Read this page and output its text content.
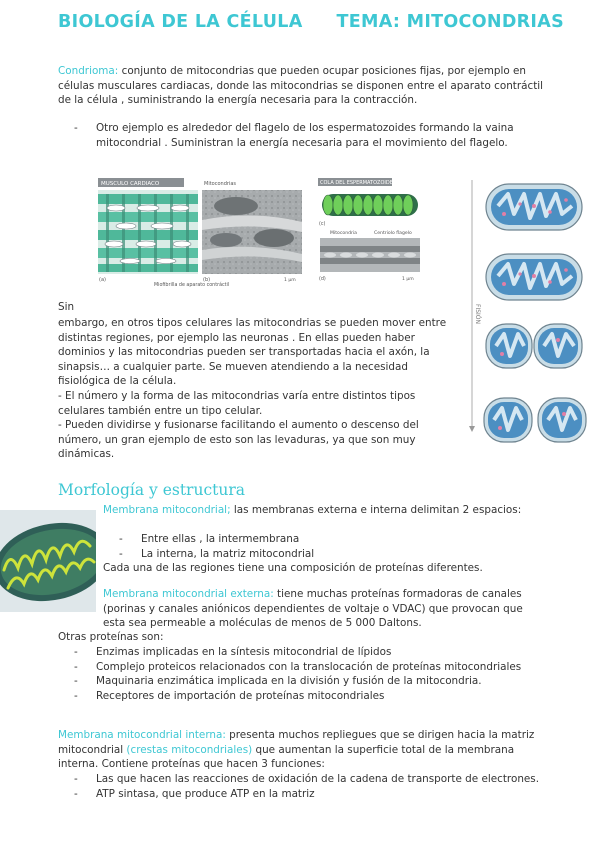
BIOLOGÍA DE LA CÉLULA TEMA: MITOCONDRIAS
Condrioma: conjunto de mitocondrias que pueden ocupar posiciones fijas, por ejemplo en células musculares cardiacas, donde las mitocondrias se disponen entre el aparato contráctil de la célula , suministrando la energía necesaria para la contracción.
- Otro ejemplo es alrededor del flagelo de los espermatozoides formando la vaina mitocondrial . Suministran la energía necesaria para el movimiento del flagelo.
MUSCULO CARDIACO
(a)
Miofibrilla de aparato contráctil
Mitocondrias
(b)	1 μm
COLA DEL ESPERMATOZOIDE
(c)
Mitocondria	Centriolo flagelo
(d)	1 μm
FISIÓN
Sin
embargo, en otros tipos celulares las mitocondrias se pueden mover entre distintas regiones, por ejemplo las neuronas . En ellas pueden haber dominios y las mitocondrias pueden ser transportadas hacia el axón, la sinapsis… a cualquier parte. Se mueven atendiendo a la necesidad fisiológica de la célula.
- El número y la forma de las mitocondrias varía entre distintos tipos celulares también entre un tipo celular.
- Pueden dividirse y fusionarse facilitando el aumento o descenso del número, un gran ejemplo de esto son las levaduras, ya que son muy dinámicas.
Morfología y estructura
Membrana mitocondrial; las membranas externa e interna delimitan 2 espacios:
- Entre ellas , la intermembrana
- La interna, la matriz mitocondrial
Cada una de las regiones tiene una composición de proteínas diferentes.
Membrana mitocondrial externa: tiene muchas proteínas formadoras de canales (porinas y canales aniónicos dependientes de voltaje o VDAC) que provocan que esta sea permeable a moléculas de menos de 5 000 Daltons.
Otras proteínas son:
- Enzimas implicadas en la síntesis mitocondrial de lípidos
- Complejo proteicos relacionados con la translocación de proteínas mitocondriales
- Maquinaria enzimática implicada en la división y fusión de la mitocondria.
- Receptores de importación de proteínas mitocondriales
Membrana mitocondrial interna: presenta muchos repliegues que se dirigen hacia la matriz mitocondrial (crestas mitocondriales) que aumentan la superficie total de la membrana interna. Contiene proteínas que hacen 3 funciones:
- Las que hacen las reacciones de oxidación de la cadena de transporte de electrones.
- ATP sintasa, que produce ATP en la matriz
